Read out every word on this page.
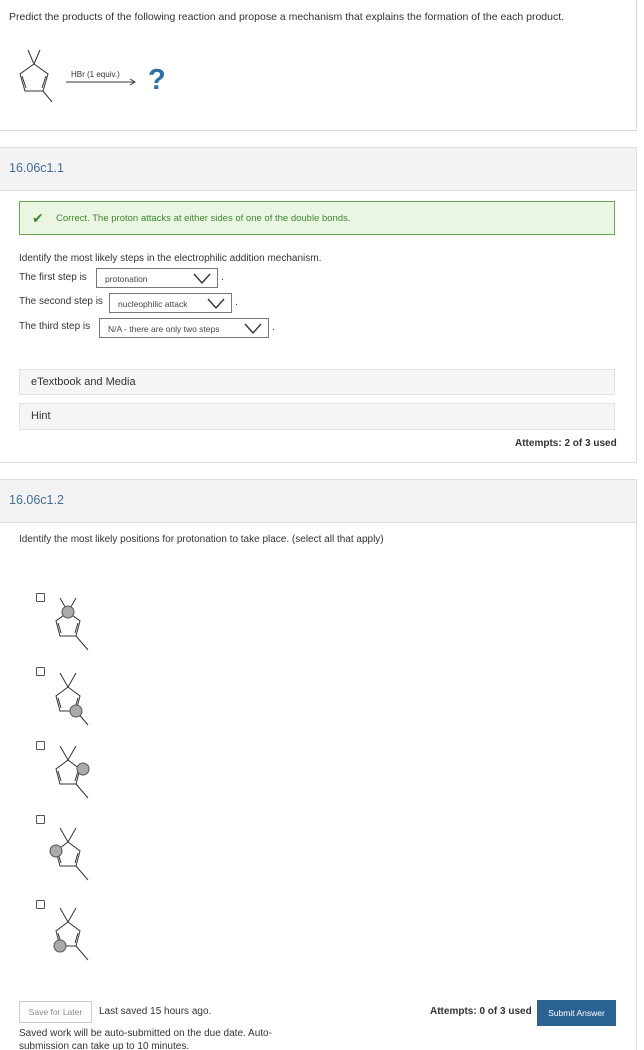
Predict the products of the following reaction and propose a mechanism that explains the formation of the each product.
HBr (1 equiv.) ?
16.06c1.1
✔ Correct. The proton attacks at either sides of one of the double bonds.
Identify the most likely steps in the electrophilic addition mechanism.
The first step is protonation	.
The second step is nucleophilic attack	.
The third step is N/A - there are only two steps	.
eTextbook and Media
Hint
Attempts: 2 of 3 used
16.06c1.2
Identify the most likely positions for protonation to take place. (select all that apply)
Save for Later	Last saved 15 hours ago.
Saved work will be auto-submitted on the due date. Auto-submission can take up to 10 minutes.
Attempts: 0 of 3 used	Submit Answer
